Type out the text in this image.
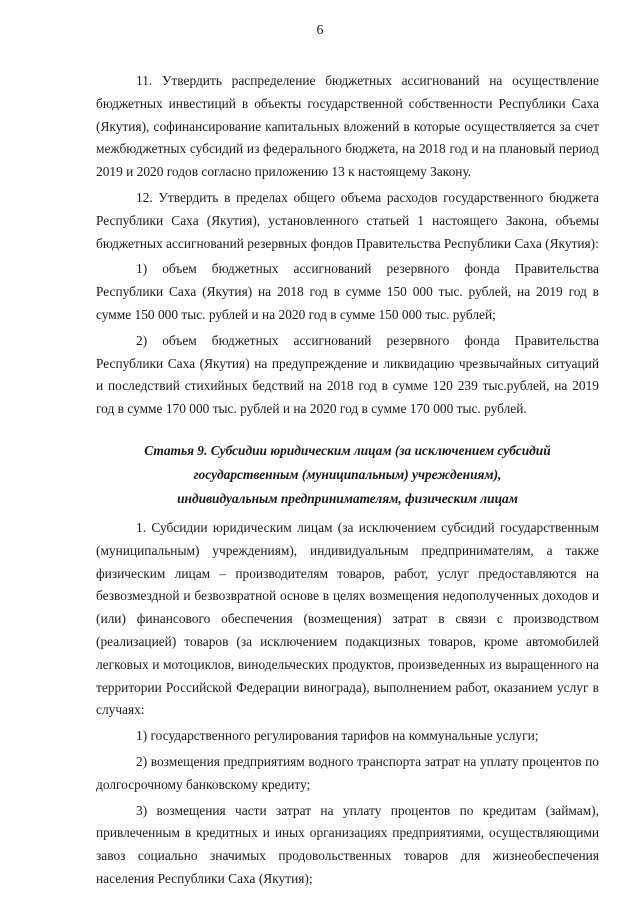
6

11. Утвердить распределение бюджетных ассигнований на осуществление бюджетных инвестиций в объекты государственной собственности Республики Саха (Якутия), софинансирование капитальных вложений в которые осуществляется за счет межбюджетных субсидий из федерального бюджета, на 2018 год и на плановый период 2019 и 2020 годов согласно приложению 13 к настоящему Закону.

12. Утвердить в пределах общего объема расходов государственного бюджета Республики Саха (Якутия), установленного статьей 1 настоящего Закона, объемы бюджетных ассигнований резервных фондов Правительства Республики Саха (Якутия):

1) объем бюджетных ассигнований резервного фонда Правительства Республики Саха (Якутия) на 2018 год в сумме 150 000 тыс. рублей, на 2019 год в сумме 150 000 тыс. рублей и на 2020 год в сумме 150 000 тыс. рублей;

2) объем бюджетных ассигнований резервного фонда Правительства Республики Саха (Якутия) на предупреждение и ликвидацию чрезвычайных ситуаций и последствий стихийных бедствий на 2018 год в сумме 120 239 тыс.рублей, на 2019 год в сумме 170 000 тыс. рублей и на 2020 год в сумме 170 000 тыс. рублей.

Статья 9. Субсидии юридическим лицам (за исключением субсидий
государственным (муниципальным) учреждениям),
индивидуальным предпринимателям, физическим лицам

1. Субсидии юридическим лицам (за исключением субсидий государственным (муниципальным) учреждениям), индивидуальным предпринимателям, а также физическим лицам – производителям товаров, работ, услуг предоставляются на безвозмездной и безвозвратной основе в целях возмещения недополученных доходов и (или) финансового обеспечения (возмещения) затрат в связи с производством (реализацией) товаров (за исключением подакцизных товаров, кроме автомобилей легковых и мотоциклов, винодельческих продуктов, произведенных из выращенного на территории Российской Федерации винограда), выполнением работ, оказанием услуг в случаях:

1) государственного регулирования тарифов на коммунальные услуги;

2) возмещения предприятиям водного транспорта затрат на уплату процентов по долгосрочному банковскому кредиту;

3) возмещения части затрат на уплату процентов по кредитам (займам), привлеченным в кредитных и иных организациях предприятиями, осуществляющими завоз социально значимых продовольственных товаров для жизнеобеспечения населения Республики Саха (Якутия);
